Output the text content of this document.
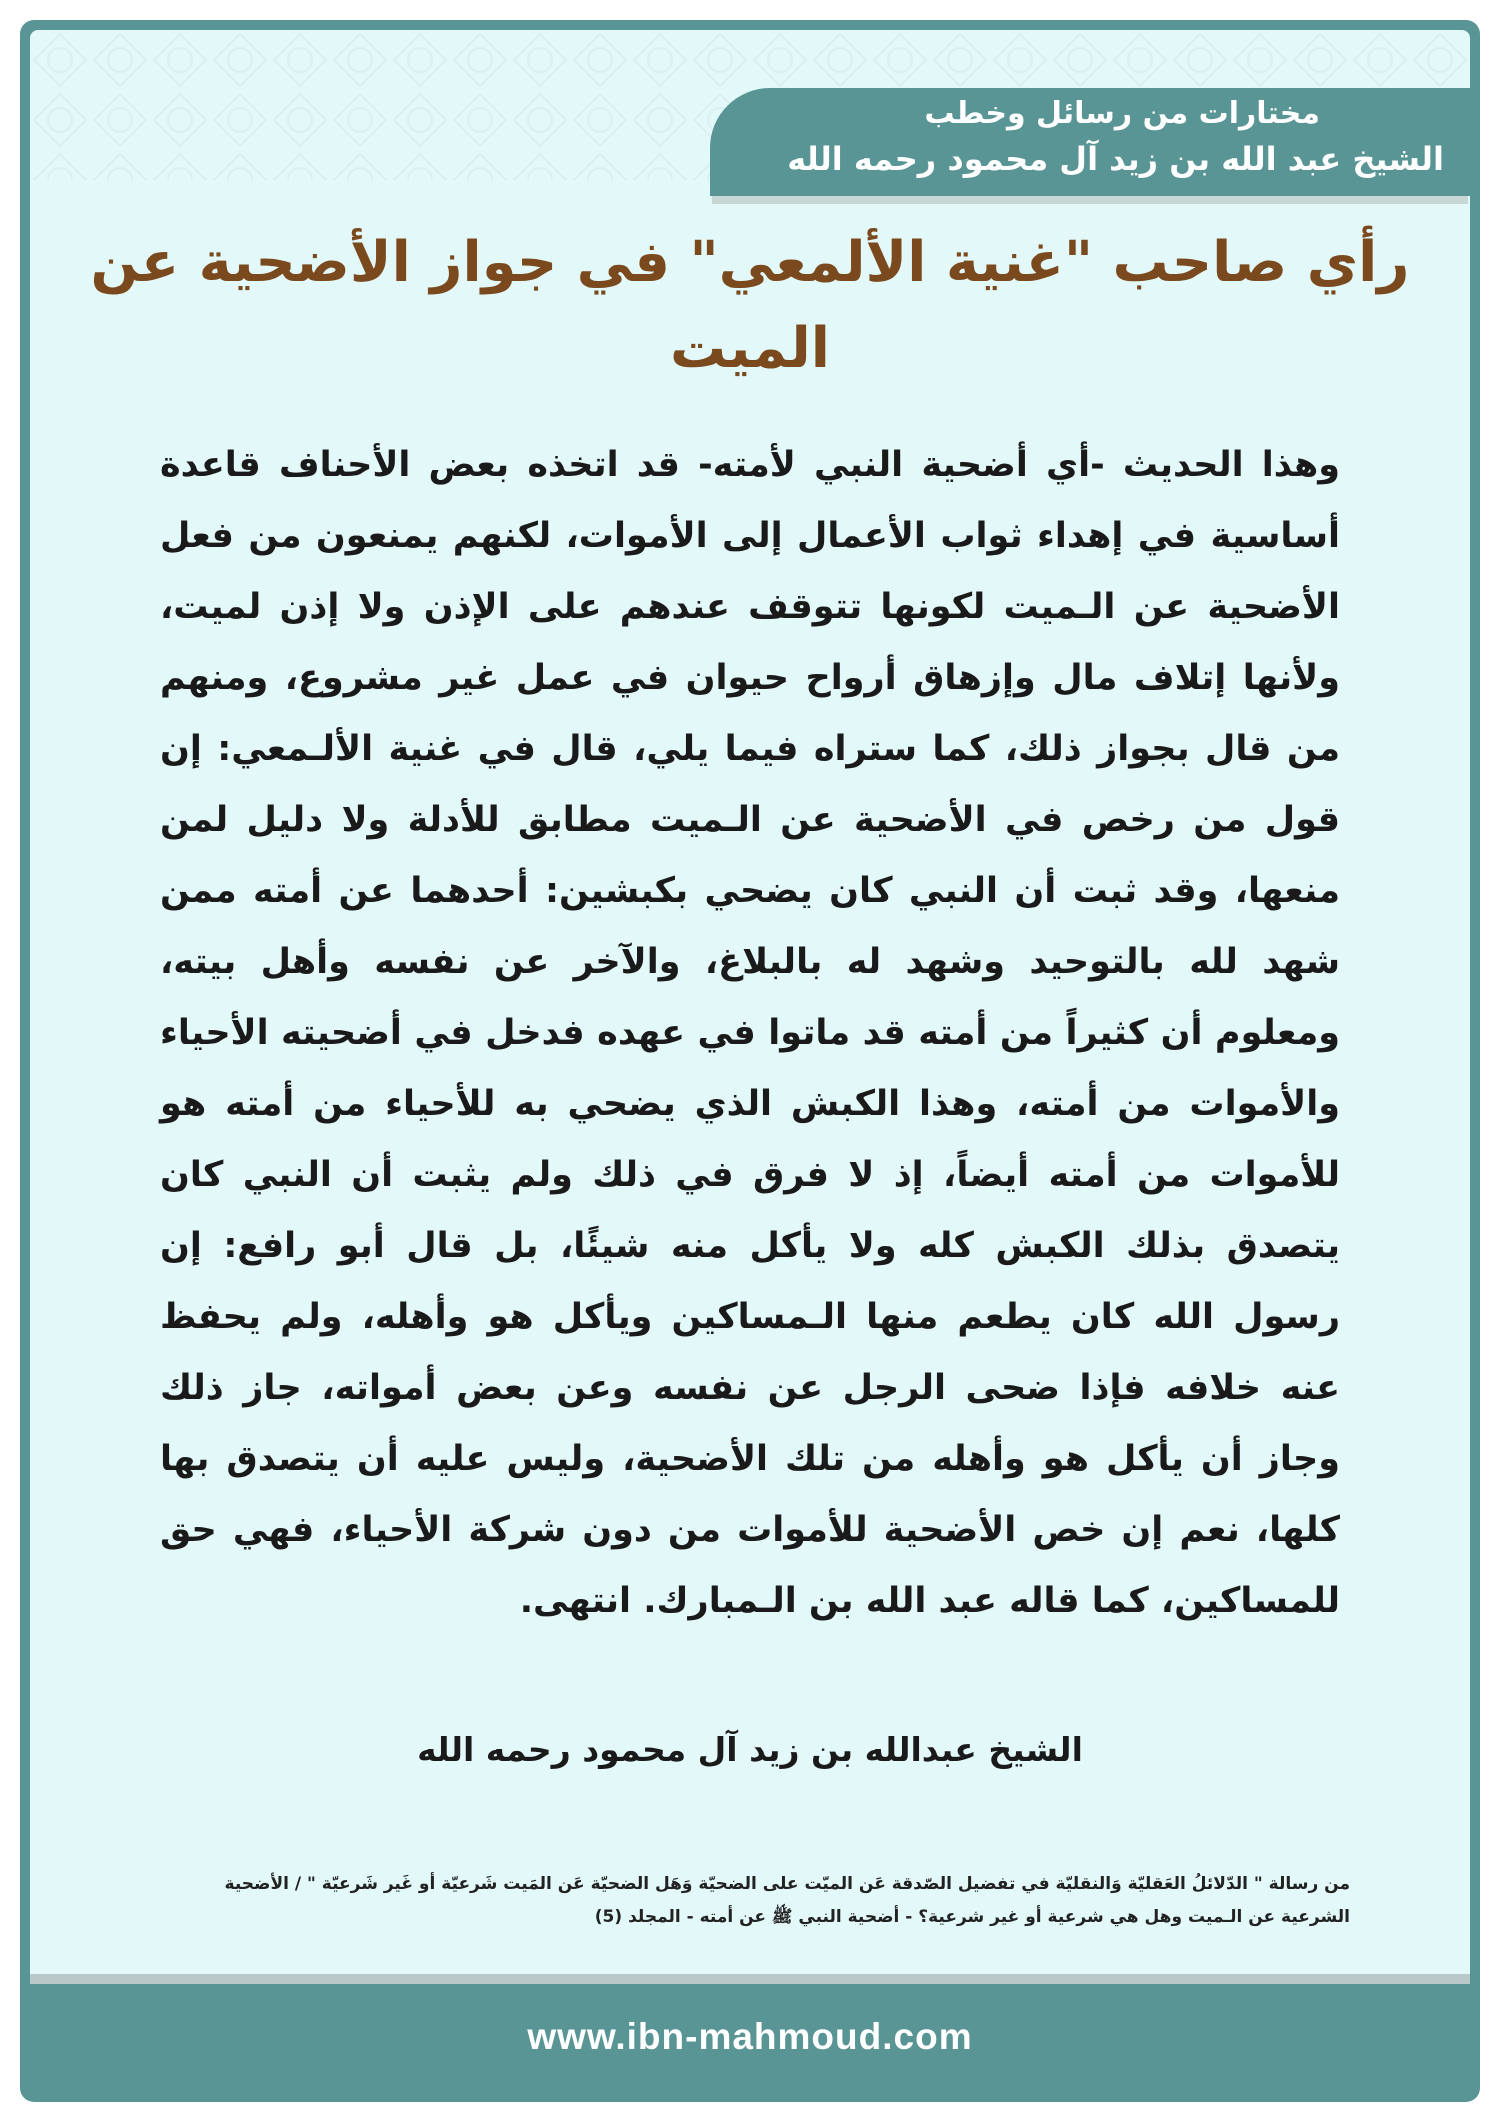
مختارات من رسائل وخطب
الشيخ عبد الله بن زيد آل محمود رحمه الله
رأي صاحب "غنية الألمعي" في جواز الأضحية عن الميت
وهذا الحديث -أي أضحية النبي لأمته- قد اتخذه بعض الأحناف قاعدة أساسية في إهداء ثواب الأعمال إلى الأموات، لكنهم يمنعون من فعل الأضحية عن الـميت لكونها تتوقف عندهم على الإذن ولا إذن لميت، ولأنها إتلاف مال وإزهاق أرواح حيوان في عمل غير مشروع، ومنهم من قال بجواز ذلك، كما ستراه فيما يلي، قال في غنية الألـمعي: إن قول من رخص في الأضحية عن الـميت مطابق للأدلة ولا دليل لمن منعها، وقد ثبت أن النبي كان يضحي بكبشين: أحدهما عن أمته ممن شهد لله بالتوحيد وشهد له بالبلاغ، والآخر عن نفسه وأهل بيته، ومعلوم أن كثيراً من أمته قد ماتوا في عهده فدخل في أضحيته الأحياء والأموات من أمته، وهذا الكبش الذي يضحي به للأحياء من أمته هو للأموات من أمته أيضاً، إذ لا فرق في ذلك ولم يثبت أن النبي كان يتصدق بذلك الكبش كله ولا يأكل منه شيئًا، بل قال أبو رافع: إن رسول الله كان يطعم منها الـمساكين ويأكل هو وأهله، ولم يحفظ عنه خلافه فإذا ضحى الرجل عن نفسه وعن بعض أمواته، جاز ذلك وجاز أن يأكل هو وأهله من تلك الأضحية، وليس عليه أن يتصدق بها كلها، نعم إن خص الأضحية للأموات من دون شركة الأحياء، فهي حق للمساكين، كما قاله عبد الله بن الـمبارك. انتهى.
الشيخ عبدالله بن زيد آل محمود رحمه الله
من رسالة " الدّلائلُ العَقليّة وَالنقليّة في تفضيل الصّدقة عَن الميّت على الضحيّة وَهَل الضحيّة عَن المَيت شَرعيّة أو غَير شَرعيّة " / الأضحية الشرعية عن الـميت وهل هي شرعية أو غير شرعية؟ - أضحية النبي ﷺ عن أمته - المجلد (5)
www.ibn-mahmoud.com
